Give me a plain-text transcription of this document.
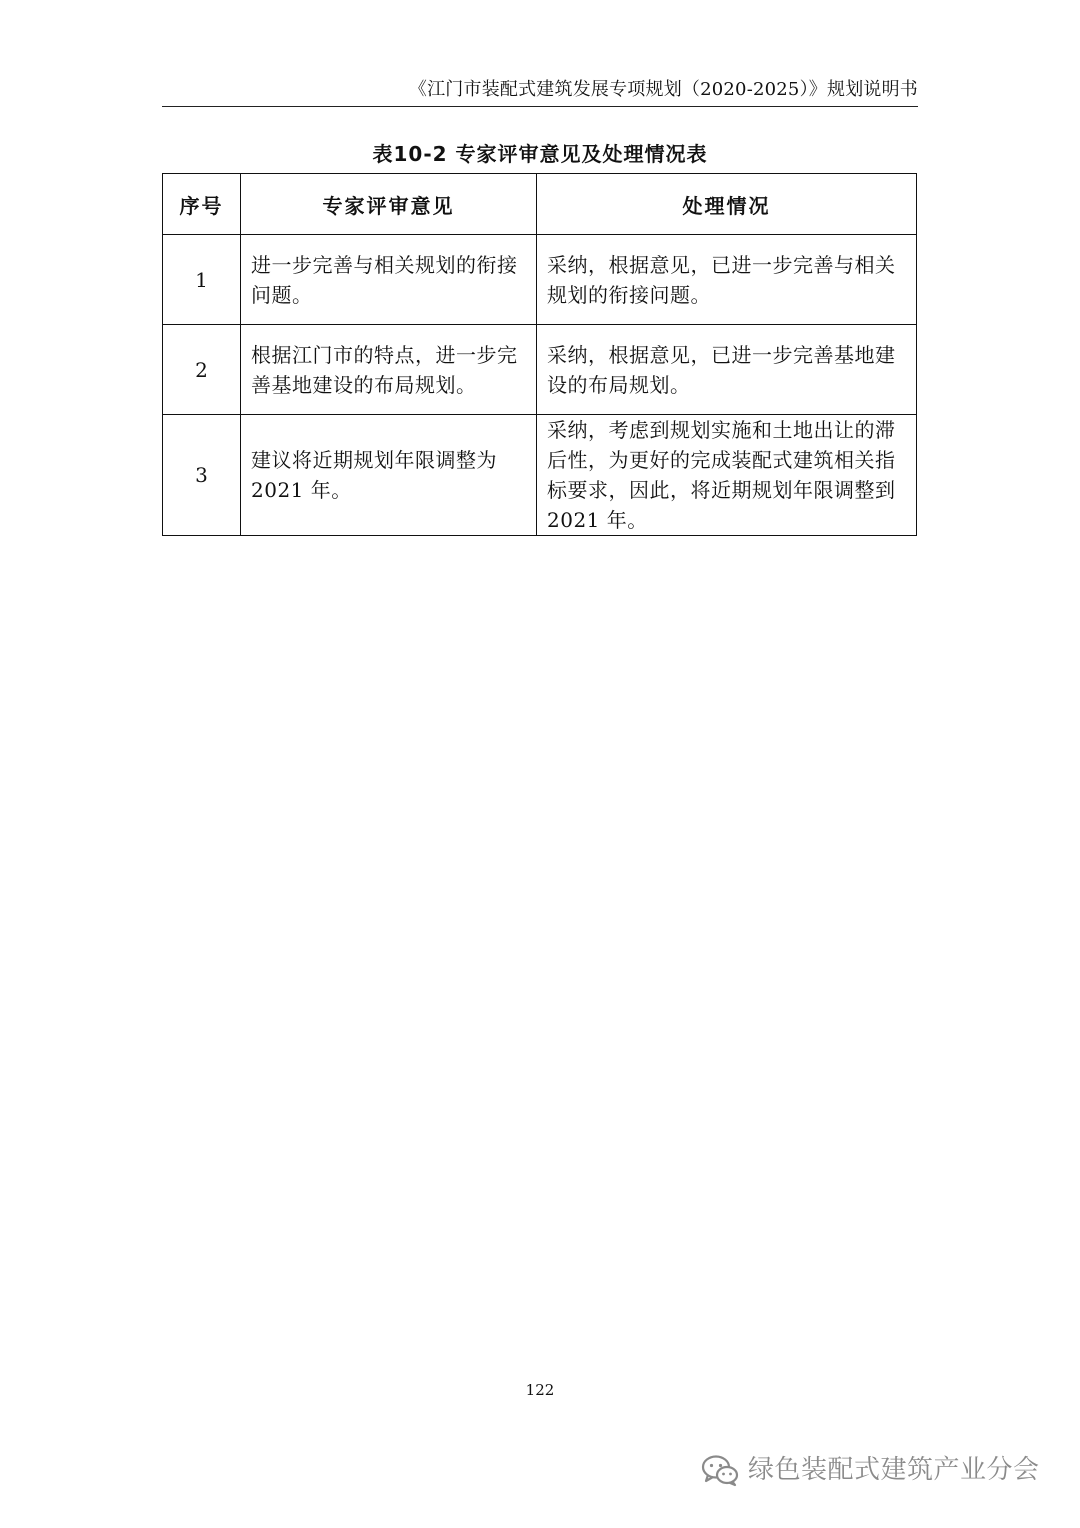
《江门市装配式建筑发展专项规划（2020-2025）》规划说明书
表10-2 专家评审意见及处理情况表
序号	专家评审意见	处理情况
1	进一步完善与相关规划的衔接问题。	采纳，根据意见，已进一步完善与相关规划的衔接问题。
2	根据江门市的特点，进一步完善基地建设的布局规划。	采纳，根据意见，已进一步完善基地建设的布局规划。
3	建议将近期规划年限调整为 2021 年。	采纳，考虑到规划实施和土地出让的滞后性，为更好的完成装配式建筑相关指标要求，因此，将近期规划年限调整到 2021 年。
122
绿色装配式建筑产业分会
